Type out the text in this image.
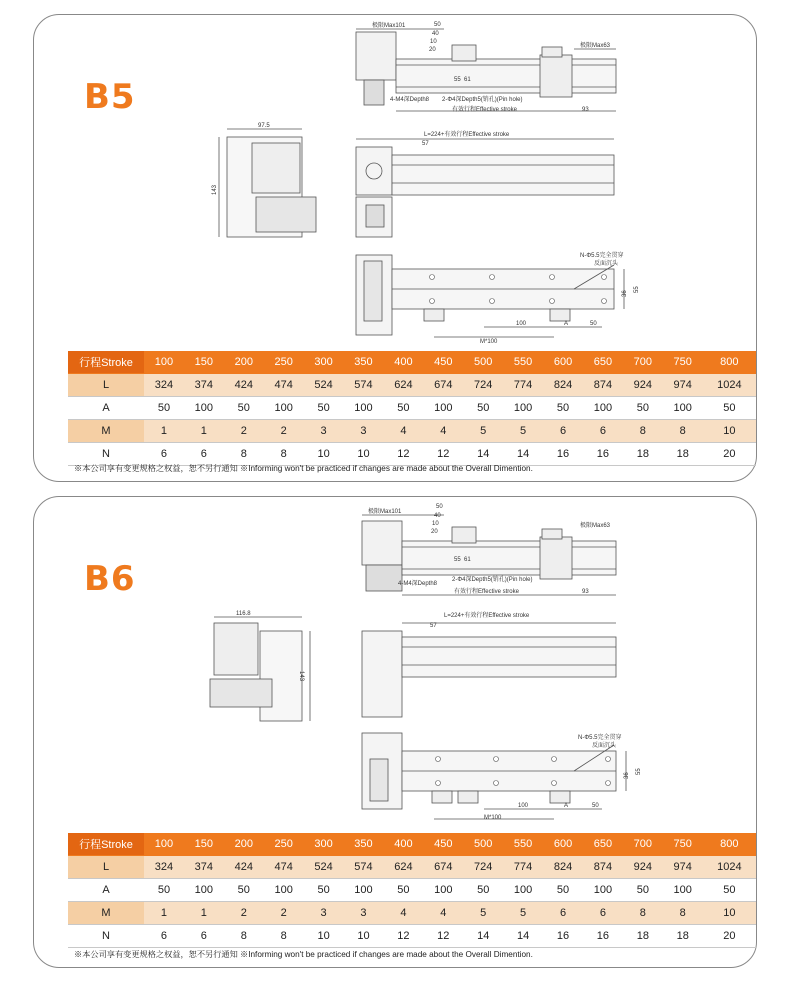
B5
极限Max101	50
40
10
20
55 61
极限Max63
4-M4深Depth8 2-Φ4深Depth5(销孔)(Pin hole)
有效行程Effective stroke	93
97.5
143
L=224+有效行程Effective stroke
57
N-Φ5.5完全贯穿
反面沉头
36
55
100	A	50
M*100
行程Stroke	100	150	200	250	300	350	400	450	500	550	600	650	700	750	800
L	324	374	424	474	524	574	624	674	724	774	824	874	924	974	1024
A	50	100	50	100	50	100	50	100	50	100	50	100	50	100	50
M	1	1	2	2	3	3	4	4	5	5	6	6	8	8	10
N	6	6	8	8	10	10	12	12	14	14	16	16	18	18	20
※本公司享有变更规格之权益，恕不另行通知 ※Informing won't be practiced if changes are made about the Overall Dimention.
B6
极限Max101
50
40
10
20
55 61
极限Max63
4-M4深Depth8
2-Φ4深Depth5(销孔)(Pin hole)
有效行程Effective stroke	93
116.8
143
L=224+有效行程Effective stroke
57
N-Φ5.5完全贯穿
反面沉头
36
55
100	A	50
M*100
行程Stroke	100	150	200	250	300	350	400	450	500	550	600	650	700	750	800
L	324	374	424	474	524	574	624	674	724	774	824	874	924	974	1024
A	50	100	50	100	50	100	50	100	50	100	50	100	50	100	50
M	1	1	2	2	3	3	4	4	5	5	6	6	8	8	10
N	6	6	8	8	10	10	12	12	14	14	16	16	18	18	20
※本公司享有变更规格之权益，恕不另行通知 ※Informing won't be practiced if changes are made about the Overall Dimention.
